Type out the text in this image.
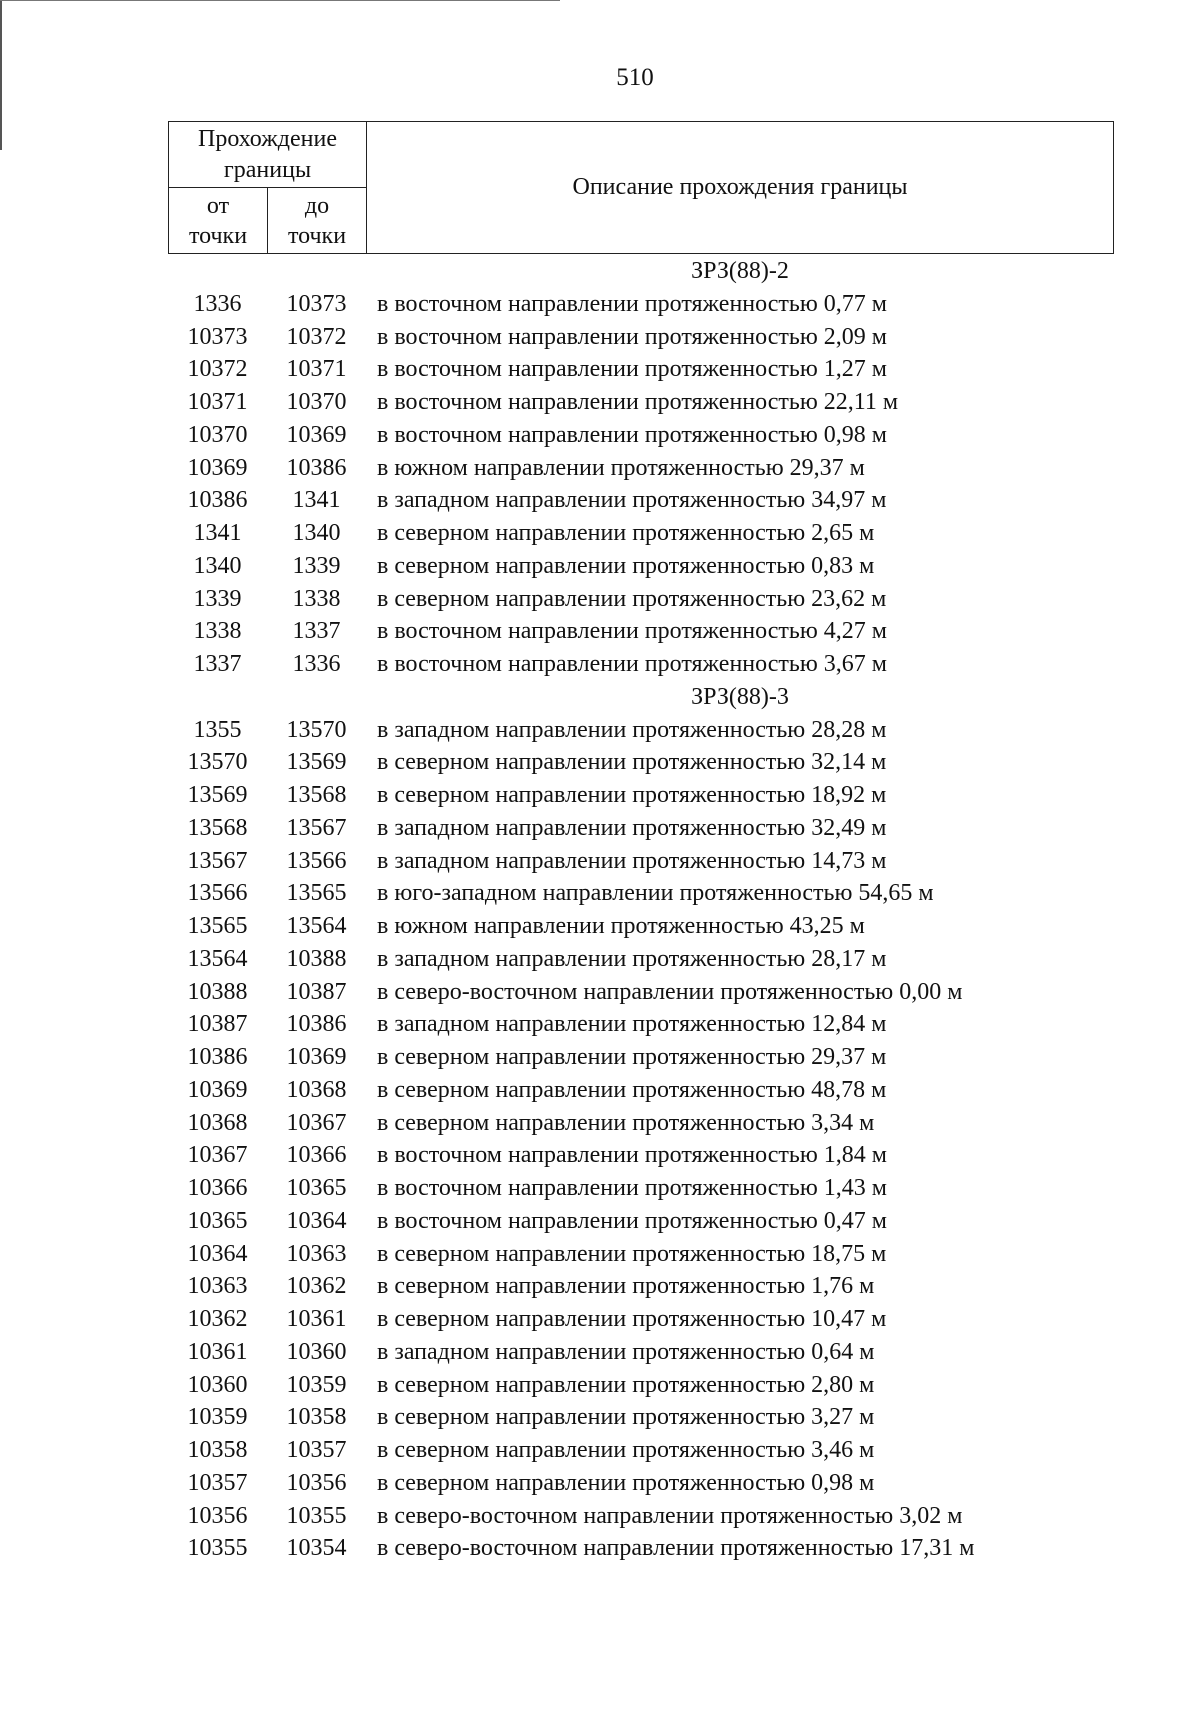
510
Прохождение
границы
от
точки
до
точки
Описание прохождения границы
ЗРЗ(88)-2
1336	10373	в восточном направлении протяженностью 0,77 м
10373	10372	в восточном направлении протяженностью 2,09 м
10372	10371	в восточном направлении протяженностью 1,27 м
10371	10370	в восточном направлении протяженностью 22,11 м
10370	10369	в восточном направлении протяженностью 0,98 м
10369	10386	в южном направлении протяженностью 29,37 м
10386	1341	в западном направлении протяженностью 34,97 м
1341	1340	в северном направлении протяженностью 2,65 м
1340	1339	в северном направлении протяженностью 0,83 м
1339	1338	в северном направлении протяженностью 23,62 м
1338	1337	в восточном направлении протяженностью 4,27 м
1337	1336	в восточном направлении протяженностью 3,67 м
ЗРЗ(88)-3
1355	13570	в западном направлении протяженностью 28,28 м
13570	13569	в северном направлении протяженностью 32,14 м
13569	13568	в северном направлении протяженностью 18,92 м
13568	13567	в западном направлении протяженностью 32,49 м
13567	13566	в западном направлении протяженностью 14,73 м
13566	13565	в юго-западном направлении протяженностью 54,65 м
13565	13564	в южном направлении протяженностью 43,25 м
13564	10388	в западном направлении протяженностью 28,17 м
10388	10387	в северо-восточном направлении протяженностью 0,00 м
10387	10386	в западном направлении протяженностью 12,84 м
10386	10369	в северном направлении протяженностью 29,37 м
10369	10368	в северном направлении протяженностью 48,78 м
10368	10367	в северном направлении протяженностью 3,34 м
10367	10366	в восточном направлении протяженностью 1,84 м
10366	10365	в восточном направлении протяженностью 1,43 м
10365	10364	в восточном направлении протяженностью 0,47 м
10364	10363	в северном направлении протяженностью 18,75 м
10363	10362	в северном направлении протяженностью 1,76 м
10362	10361	в северном направлении протяженностью 10,47 м
10361	10360	в западном направлении протяженностью 0,64 м
10360	10359	в северном направлении протяженностью 2,80 м
10359	10358	в северном направлении протяженностью 3,27 м
10358	10357	в северном направлении протяженностью 3,46 м
10357	10356	в северном направлении протяженностью 0,98 м
10356	10355	в северо-восточном направлении протяженностью 3,02 м
10355	10354	в северо-восточном направлении протяженностью 17,31 м
